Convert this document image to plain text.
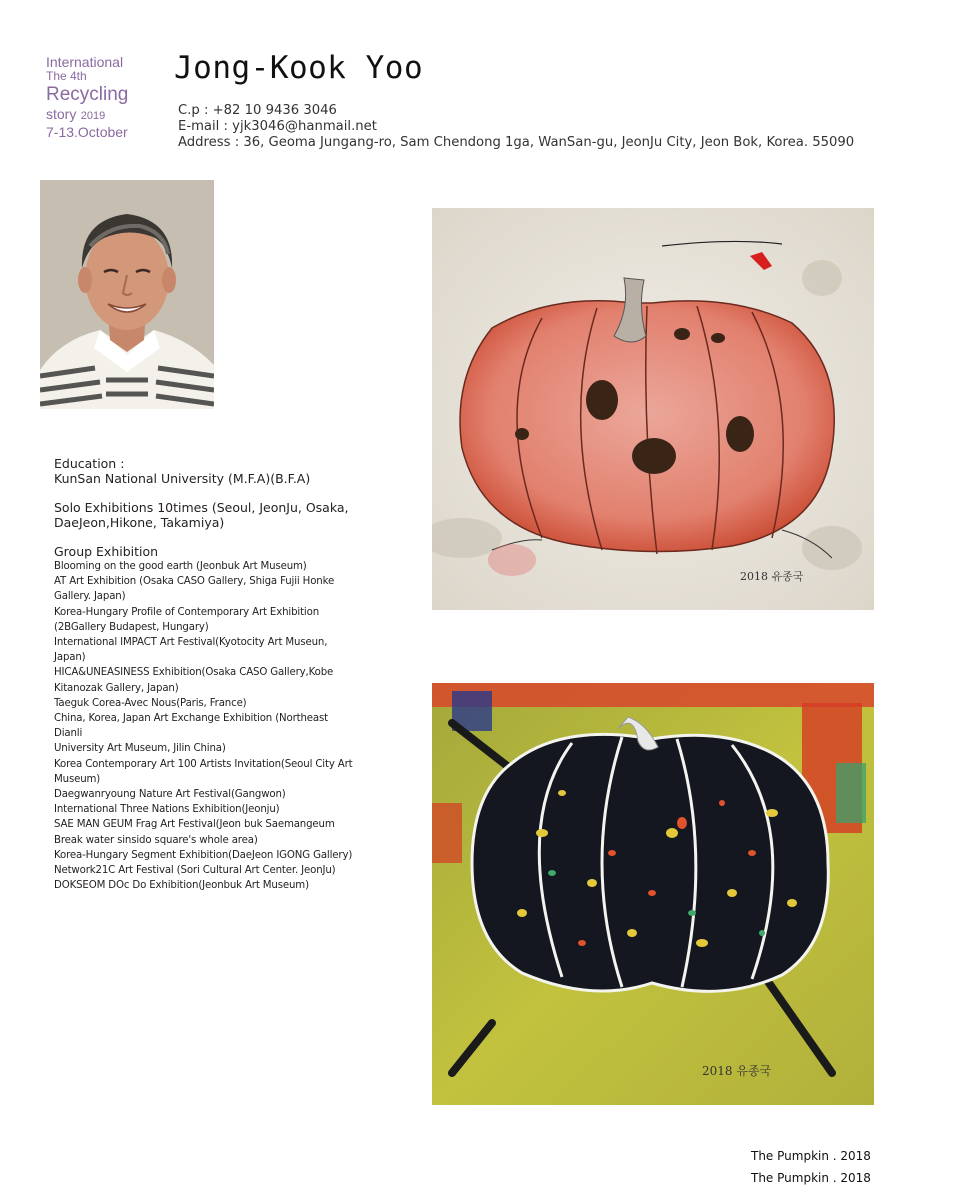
International
The 4th
Recycling
story 2019
7-13.October
Jong-Kook Yoo
C.p : +82 10 9436 3046
E-mail : yjk3046@hanmail.net
Address : 36, Geoma Jungang-ro, Sam Chendong 1ga, WanSan-gu, JeonJu City, Jeon Bok, Korea. 55090
Education :
KunSan National University (M.F.A)(B.F.A)
Solo Exhibitions 10times (Seoul, JeonJu, Osaka,
DaeJeon,Hikone, Takamiya)
Group Exhibition
Blooming on the good earth (Jeonbuk Art Museum)
AT Art Exhibition (Osaka CASO Gallery, Shiga Fujii Honke
Gallery. Japan)
Korea-Hungary Profile of Contemporary Art Exhibition
(2BGallery Budapest, Hungary)
International IMPACT Art Festival(Kyotocity Art Museun,
Japan)
HICA&UNEASINESS Exhibition(Osaka CASO Gallery,Kobe
Kitanozak Gallery, Japan)
Taeguk Corea-Avec Nous(Paris, France)
China, Korea, Japan Art Exchange Exhibition (Northeast Dianli
University Art Museum, Jilin China)
Korea Contemporary Art 100 Artists Invitation(Seoul City Art
Museum)
Daegwanryoung Nature Art Festival(Gangwon)
International Three Nations Exhibition(Jeonju)
SAE MAN GEUM Frag Art Festival(Jeon buk Saemangeum
Break water sinsido square's whole area)
Korea-Hungary Segment Exhibition(DaeJeon IGONG Gallery)
Network21C Art Festival (Sori Cultural Art Center. JeonJu)
DOKSEOM DOc Do Exhibition(Jeonbuk Art Museum)
2018 유종국
2018 유종국
The Pumpkin . 2018
The Pumpkin . 2018
